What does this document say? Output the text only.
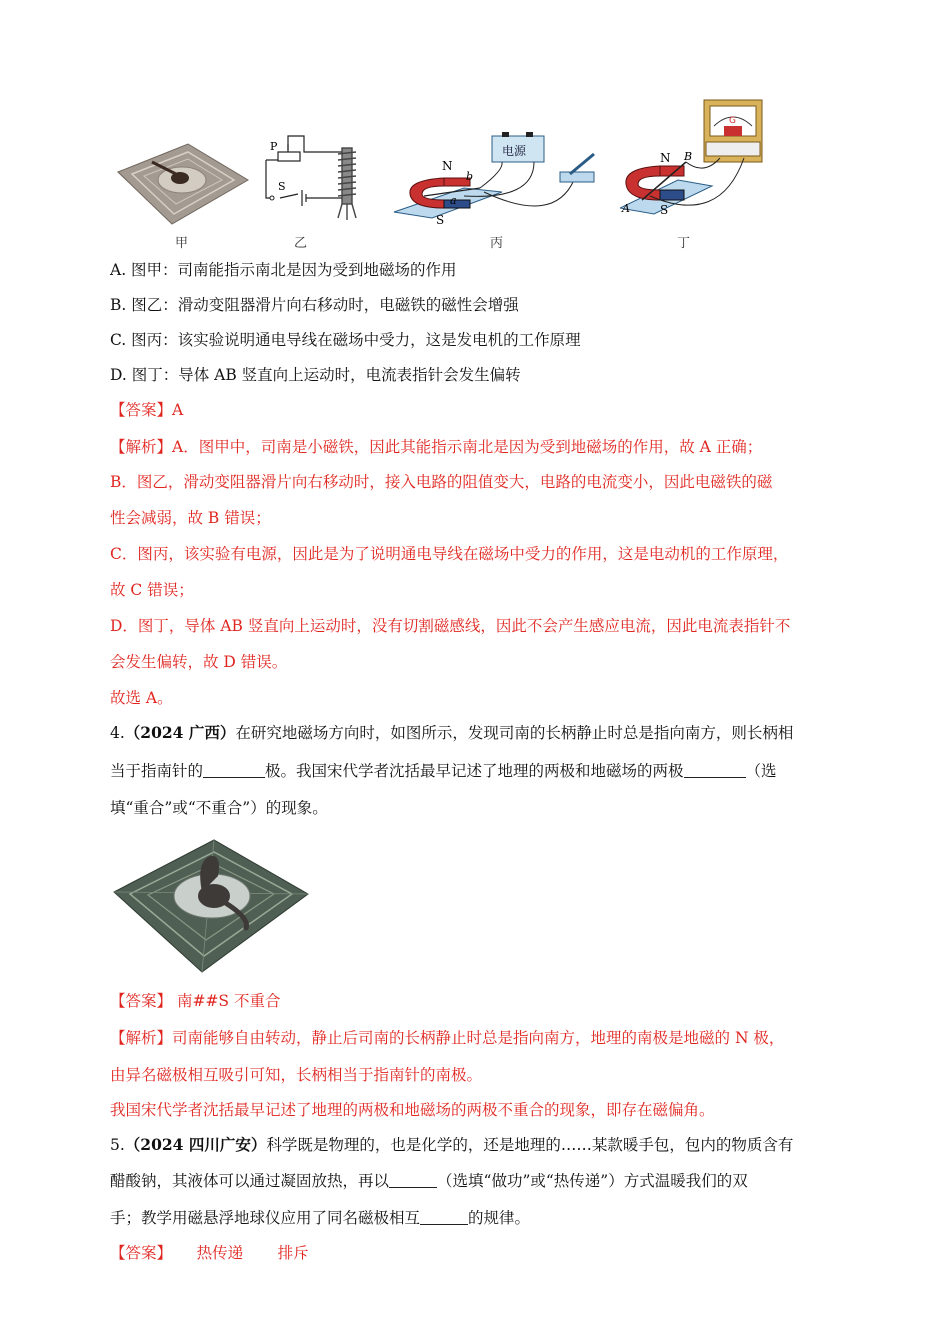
甲
P
S
乙
电源
N
S
b
a
丙
G
N
S
A
B
丁
A. 图甲：司南能指示南北是因为受到地磁场的作用
B. 图乙：滑动变阻器滑片向右移动时，电磁铁的磁性会增强
C. 图丙：该实验说明通电导线在磁场中受力，这是发电机的工作原理
D. 图丁：导体 AB 竖直向上运动时，电流表指针会发生偏转
【答案】A
【解析】A．图甲中，司南是小磁铁，因此其能指示南北是因为受到地磁场的作用，故 A 正确；
B．图乙，滑动变阻器滑片向右移动时，接入电路的阻值变大，电路的电流变小，因此电磁铁的磁
性会减弱，故 B 错误；
C．图丙，该实验有电源，因此是为了说明通电导线在磁场中受力的作用，这是电动机的工作原理，
故 C 错误；
D．图丁，导体 AB 竖直向上运动时，没有切割磁感线，因此不会产生感应电流，因此电流表指针不
会发生偏转，故 D 错误。
故选 A。
4.（2024 广西）在研究地磁场方向时，如图所示，发现司南的长柄静止时总是指向南方，则长柄相
当于指南针的	极。我国宋代学者沈括最早记述了地理的两极和地磁场的两极	（选
填“重合”或“不重合”）的现象。
【答案】 南##S 不重合
【解析】司南能够自由转动，静止后司南的长柄静止时总是指向南方，地理的南极是地磁的 N 极，
由异名磁极相互吸引可知，长柄相当于指南针的南极。
我国宋代学者沈括最早记述了地理的两极和地磁场的两极不重合的现象，即存在磁偏角。
5.（2024 四川广安）科学既是物理的，也是化学的，还是地理的……某款暖手包，包内的物质含有
醋酸钠，其液体可以通过凝固放热，再以	（选填“做功”或“热传递”）方式温暖我们的双
手；教学用磁悬浮地球仪应用了同名磁极相互	的规律。
【答案】 热传递       排斥
